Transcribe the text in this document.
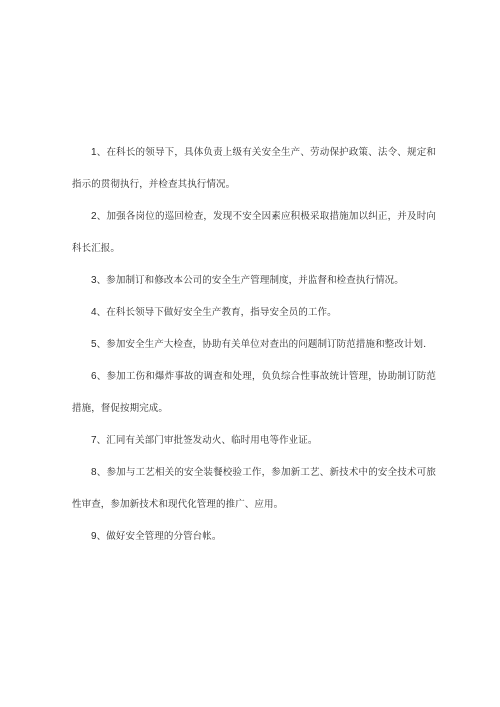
1、在科长的领导下，具体负责上级有关安全生产、劳动保护政策、法令、规定和指示的贯彻执行，并检查其执行情况。

2、加强各岗位的巡回检查，发现不安全因素应积极采取措施加以纠正，并及时向科长汇报。

3、参加制订和修改本公司的安全生产管理制度，并监督和检查执行情况。

4、在科长领导下做好安全生产教育，指导安全员的工作。

5、参加安全生产大检查，协助有关单位对查出的问题制订防范措施和整改计划.

6、参加工伤和爆炸事故的调查和处理，负负综合性事故统计管理，协助制订防范措施，督促按期完成。

7、汇同有关部门审批签发动火、临时用电等作业证。

8、参加与工艺相关的安全装餐校验工作，参加新工艺、新技术中的安全技术可旅性审查，参加新技术和现代化管理的推广、应用。

9、做好安全管理的分管台帐。
